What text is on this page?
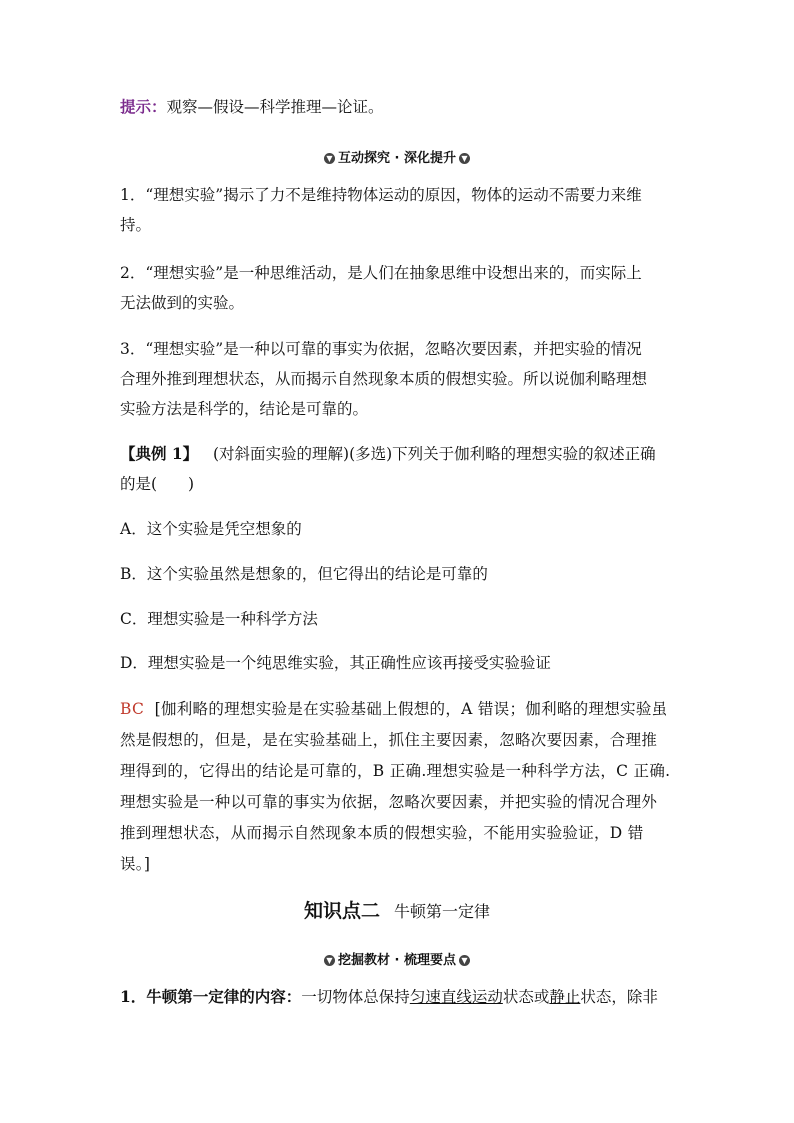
提示：观察—假设—科学推理—论证。
▼ 互动探究 · 深化提升 ▼
1．“理想实验”揭示了力不是维持物体运动的原因，物体的运动不需要力来维
持。
2．“理想实验”是一种思维活动，是人们在抽象思维中设想出来的，而实际上
无法做到的实验。
3．“理想实验”是一种以可靠的事实为依据，忽略次要因素，并把实验的情况
合理外推到理想状态，从而揭示自然现象本质的假想实验。所以说伽利略理想
实验方法是科学的，结论是可靠的。
【典例 1】 (对斜面实验的理解)(多选)下列关于伽利略的理想实验的叙述正确
的是(　　)
A．这个实验是凭空想象的
B．这个实验虽然是想象的，但它得出的结论是可靠的
C．理想实验是一种科学方法
D．理想实验是一个纯思维实验，其正确性应该再接受实验验证
BC [伽利略的理想实验是在实验基础上假想的，A 错误；伽利略的理想实验虽
然是假想的，但是，是在实验基础上，抓住主要因素，忽略次要因素，合理推
理得到的，它得出的结论是可靠的，B 正确.理想实验是一种科学方法，C 正确.
理想实验是一种以可靠的事实为依据，忽略次要因素，并把实验的情况合理外
推到理想状态，从而揭示自然现象本质的假想实验，不能用实验验证，D 错
误。]
知识点二 牛顿第一定律
▼ 挖掘教材 · 梳理要点 ▼
1．牛顿第一定律的内容：一切物体总保持匀速直线运动状态或静止状态，除非
